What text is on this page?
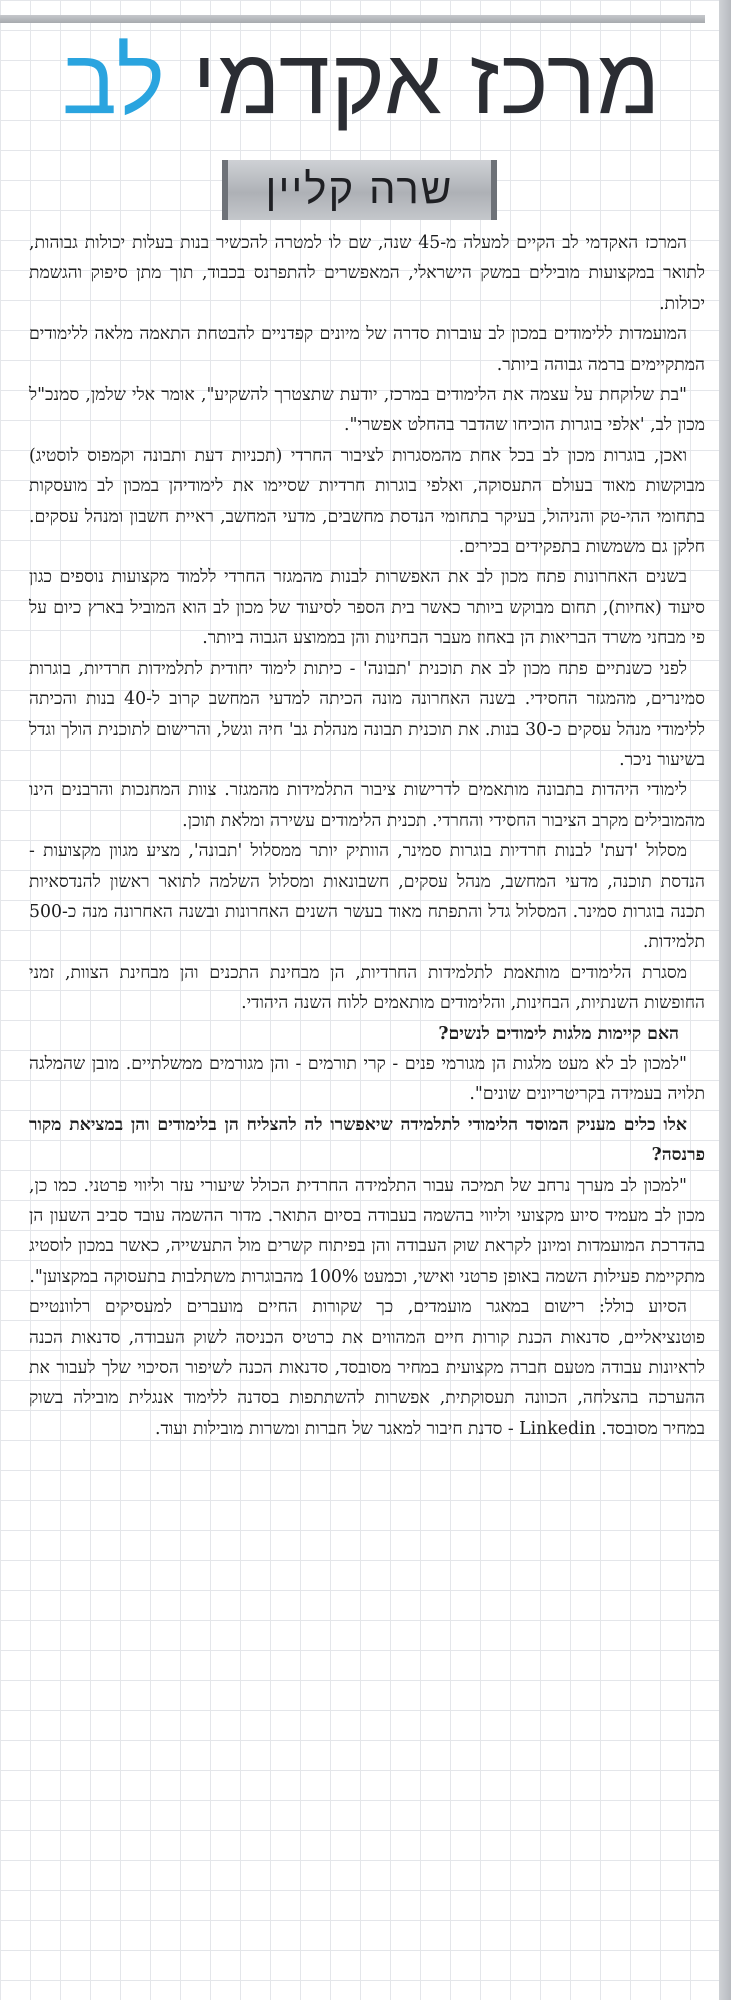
מרכז אקדמי לב
שרה קליין

המרכז האקדמי לב הקיים למעלה מ-45 שנה, שם לו למטרה להכשיר בנות בעלות יכולות גבוהות, לתואר במקצועות מובילים במשק הישראלי, המאפשרים להתפרנס בכבוד, תוך מתן סיפוק והגשמת יכולות.

המועמדות ללימודים במכון לב עוברות סדרה של מיונים קפדניים להבטחת התאמה מלאה ללימודים המתקיימים ברמה גבוהה ביותר.

"בת שלוקחת על עצמה את הלימודים במרכז, יודעת שתצטרך להשקיע", אומר אלי שלמן, סמנכ"ל מכון לב, 'אלפי בוגרות הוכיחו שהדבר בהחלט אפשרי".

ואכן, בוגרות מכון לב בכל אחת מהמסגרות לציבור החרדי (תכניות דעת ותבונה וקמפוס לוסטיג) מבוקשות מאוד בעולם התעסוקה, ואלפי בוגרות חרדיות שסיימו את לימודיהן במכון לב מועסקות בתחומי ההי-טק והניהול, בעיקר בתחומי הנדסת מחשבים, מדעי המחשב, ראיית חשבון ומנהל עסקים. חלקן גם משמשות בתפקידים בכירים.

בשנים האחרונות פתח מכון לב את האפשרות לבנות מהמגזר החרדי ללמוד מקצועות נוספים כגון סיעוד (אחיות), תחום מבוקש ביותר כאשר בית הספר לסיעוד של מכון לב הוא המוביל בארץ כיום על פי מבחני משרד הבריאות הן באחוז מעבר הבחינות והן בממוצע הגבוה ביותר.

לפני כשנתיים פתח מכון לב את תוכנית 'תבונה' - כיתות לימוד יחודית לתלמידות חרדיות, בוגרות סמינרים, מהמגזר החסידי. בשנה האחרונה מונה הכיתה למדעי המחשב קרוב ל-40 בנות והכיתה ללימודי מנהל עסקים כ-30 בנות. את תוכנית תבונה מנהלת גב' חיה וגשל, והרישום לתוכנית הולך וגדל בשיעור ניכר.

לימודי היהדות בתבונה מותאמים לדרישות ציבור התלמידות מהמגזר. צוות המחנכות והרבנים הינו מהמובילים מקרב הציבור החסידי והחרדי. תכנית הלימודים עשירה ומלאת תוכן.

מסלול 'דעת' לבנות חרדיות בוגרות סמינר, הוותיק יותר ממסלול 'תבונה', מציע מגוון מקצועות - הנדסת תוכנה, מדעי המחשב, מנהל עסקים, חשבונאות ומסלול השלמה לתואר ראשון להנדסאיות תכנה בוגרות סמינר. המסלול גדל והתפתח מאוד בעשר השנים האחרונות ובשנה האחרונה מנה כ-500 תלמידות.

מסגרת הלימודים מותאמת לתלמידות החרדיות, הן מבחינת התכנים והן מבחינת הצוות, זמני החופשות השנתיות, הבחינות, והלימודים מותאמים ללוח השנה היהודי.

האם קיימות מלגות לימודים לנשים?

"למכון לב לא מעט מלגות הן מגורמי פנים - קרי תורמים - והן מגורמים ממשלתיים. מובן שהמלגה תלויה בעמידה בקריטריונים שונים".

אלו כלים מעניק המוסד הלימודי לתלמידה שיאפשרו לה להצליח הן בלימודים והן במציאת מקור פרנסה?

"למכון לב מערך נרחב של תמיכה עבור התלמידה החרדית הכולל שיעורי עזר וליווי פרטני. כמו כן, מכון לב מעמיד סיוע מקצועי וליווי בהשמה בעבודה בסיום התואר. מדור ההשמה עובד סביב השעון הן בהדרכת המועמדות ומיונן לקראת שוק העבודה והן בפיתוח קשרים מול התעשייה, כאשר במכון לוסטיג מתקיימת פעילות השמה באופן פרטני ואישי, וכמעט 100% מהבוגרות משתלבות בתעסוקה במקצוען".

הסיוע כולל: רישום במאגר מועמדים, כך שקורות החיים מועברים למעסיקים רלוונטיים פוטנציאליים, סדנאות הכנת קורות חיים המהווים את כרטיס הכניסה לשוק העבודה, סדנאות הכנה לראיונות עבודה מטעם חברה מקצועית במחיר מסובסד, סדנאות הכנה לשיפור הסיכוי שלך לעבור את ההערכה בהצלחה, הכוונה תעסוקתית, אפשרות להשתתפות בסדנה ללימוד אנגלית מובילה בשוק במחיר מסובסד. Linkedin - סדנת חיבור למאגר של חברות ומשרות מובילות ועוד.
